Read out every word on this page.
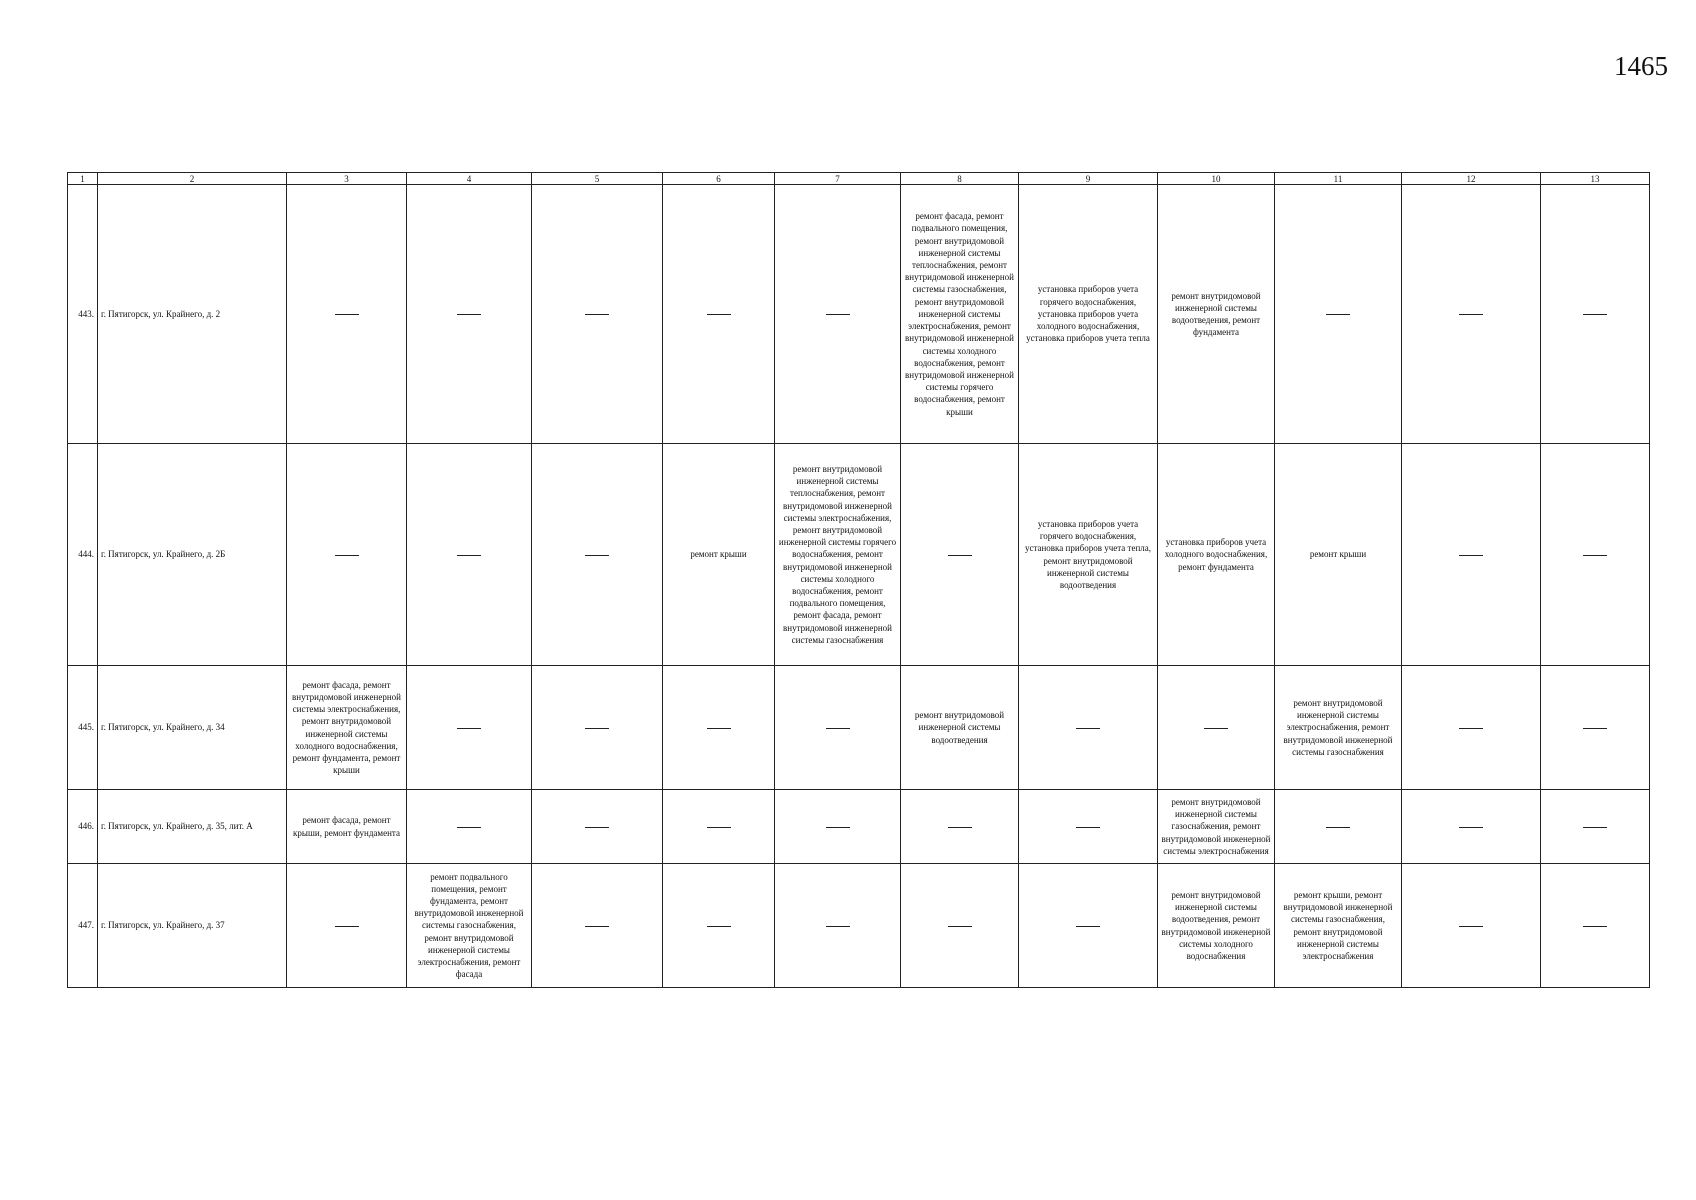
1465
1	2	3	4	5	6	7	8	9	10	11	12	13
443.	г. Пятигорск, ул. Крайнего, д. 2						ремонт фасада, ремонт подвального помещения, ремонт внутридомовой инженерной системы теплоснабжения, ремонт внутридомовой инженерной системы газоснабжения, ремонт внутридомовой инженерной системы электроснабжения, ремонт внутридомовой инженерной системы холодного водоснабжения, ремонт внутридомовой инженерной системы горячего водоснабжения, ремонт крыши	установка приборов учета горячего водоснабжения, установка приборов учета холодного водоснабжения, установка приборов учета тепла	ремонт внутридомовой инженерной системы водоотведения, ремонт фундамента			
444.	г. Пятигорск, ул. Крайнего, д. 2Б				ремонт крыши	ремонт внутридомовой инженерной системы теплоснабжения, ремонт внутридомовой инженерной системы электроснабжения, ремонт внутридомовой инженерной системы горячего водоснабжения, ремонт внутридомовой инженерной системы холодного водоснабжения, ремонт подвального помещения, ремонт фасада, ремонт внутридомовой инженерной системы газоснабжения		установка приборов учета горячего водоснабжения, установка приборов учета тепла, ремонт внутридомовой инженерной системы водоотведения	установка приборов учета холодного водоснабжения, ремонт фундамента	ремонт крыши		
445.	г. Пятигорск, ул. Крайнего, д. 34	ремонт фасада, ремонт внутридомовой инженерной системы электроснабжения, ремонт внутридомовой инженерной системы холодного водоснабжения, ремонт фундамента, ремонт крыши					ремонт внутридомовой инженерной системы водоотведения			ремонт внутридомовой инженерной системы электроснабжения, ремонт внутридомовой инженерной системы газоснабжения		
446.	г. Пятигорск, ул. Крайнего, д. 35, лит. А	ремонт фасада, ремонт крыши, ремонт фундамента							ремонт внутридомовой инженерной системы газоснабжения, ремонт внутридомовой инженерной системы электроснабжения			
447.	г. Пятигорск, ул. Крайнего, д. 37		ремонт подвального помещения, ремонт фундамента, ремонт внутридомовой инженерной системы газоснабжения, ремонт внутридомовой инженерной системы электроснабжения, ремонт фасада						ремонт внутридомовой инженерной системы водоотведения, ремонт внутридомовой инженерной системы холодного водоснабжения	ремонт крыши, ремонт внутридомовой инженерной системы газоснабжения, ремонт внутридомовой инженерной системы электроснабжения		
